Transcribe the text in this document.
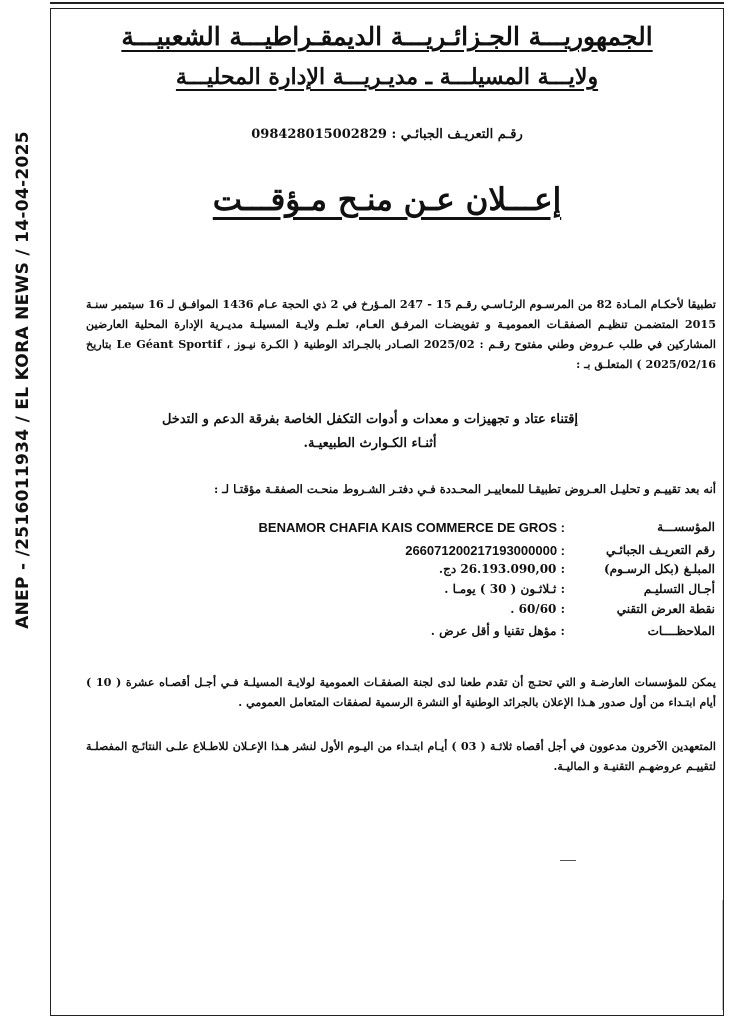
ANEP - /2516011934 / EL KORA NEWS / 14-04-2025
الجمهوريـــة الجـزائـريـــة الديمقـراطيـــة الشعبيـــة
ولايـــة المسيلـــة ـ مديـريـــة الإدارة المحليـــة
رقـم التعريـف الجبائـي : 098428015002829
إعـــلان عـن منـح مـؤقـــت
تطبيقا لأحكـام المـادة 82 من المرسـوم الرئـاسـي رقـم 15 - 247 المـؤرخ في 2 ذي الحجة عـام 1436 الموافـق لـ 16 سبتمبر سنـة 2015 المتضمـن تنظيـم الصفقـات العموميـة و تفويضـات المرفـق العـام، تعلـم ولايـة المسيلـة مديـرية الإدارة المحلية العارضين المشاركين في طلب عـروض وطني مفتوح رقـم : 2025/02 الصـادر بالجـرائد الوطنية ( الكـرة نيـوز ، Le Géant Sportif بتاريخ 2025/02/16 ) المتعلـق بـ :
إقتناء عتاد و تجهيزات و معدات و أدوات التكفل الخاصة بفرقة الدعم و التدخل
أثنـاء الكـوارث الطبيعيـة.
أنه بعد تقييـم و تحليـل العـروض تطبيقـا للمعاييـر المحـددة فـي دفتـر الشـروط منحـت الصفقـة مؤقتـا لـ :
المؤسســـة
BENAMOR CHAFIA KAIS COMMERCE DE GROS :
رقم التعريـف الجبائـي
266071200217193000000 :
المبلـغ (بكل الرسـوم)
: 26.193.090,00 دج.
أجـال التسليـم
: ثـلاثـون ( 30 ) يومـا .
نقطة العرض التقني
: 60/60 .
الملاحظــــات
: مؤهل تقنيا و أقل عرض .
يمكن للمؤسسات العارضـة و التي تحتـج أن تقدم طعنا لدى لجنة الصفقـات العمومية لولايـة المسيلـة فـي أجـل أقصـاه عشرة ( 10 ) أيام ابتـداء من أول صدور هـذا الإعلان بالجرائد الوطنية أو النشرة الرسمية لصفقات المتعامل العمومي .
المتعهدين الآخرون مدعوون في أجل أقصاه ثلاثـة ( 03 ) أيـام ابتـداء من اليـوم الأول لنشر هـذا الإعـلان للاطـلاع علـى النتائـج المفصلـة لتقييـم عروضهـم التقنيـة و الماليـة.
